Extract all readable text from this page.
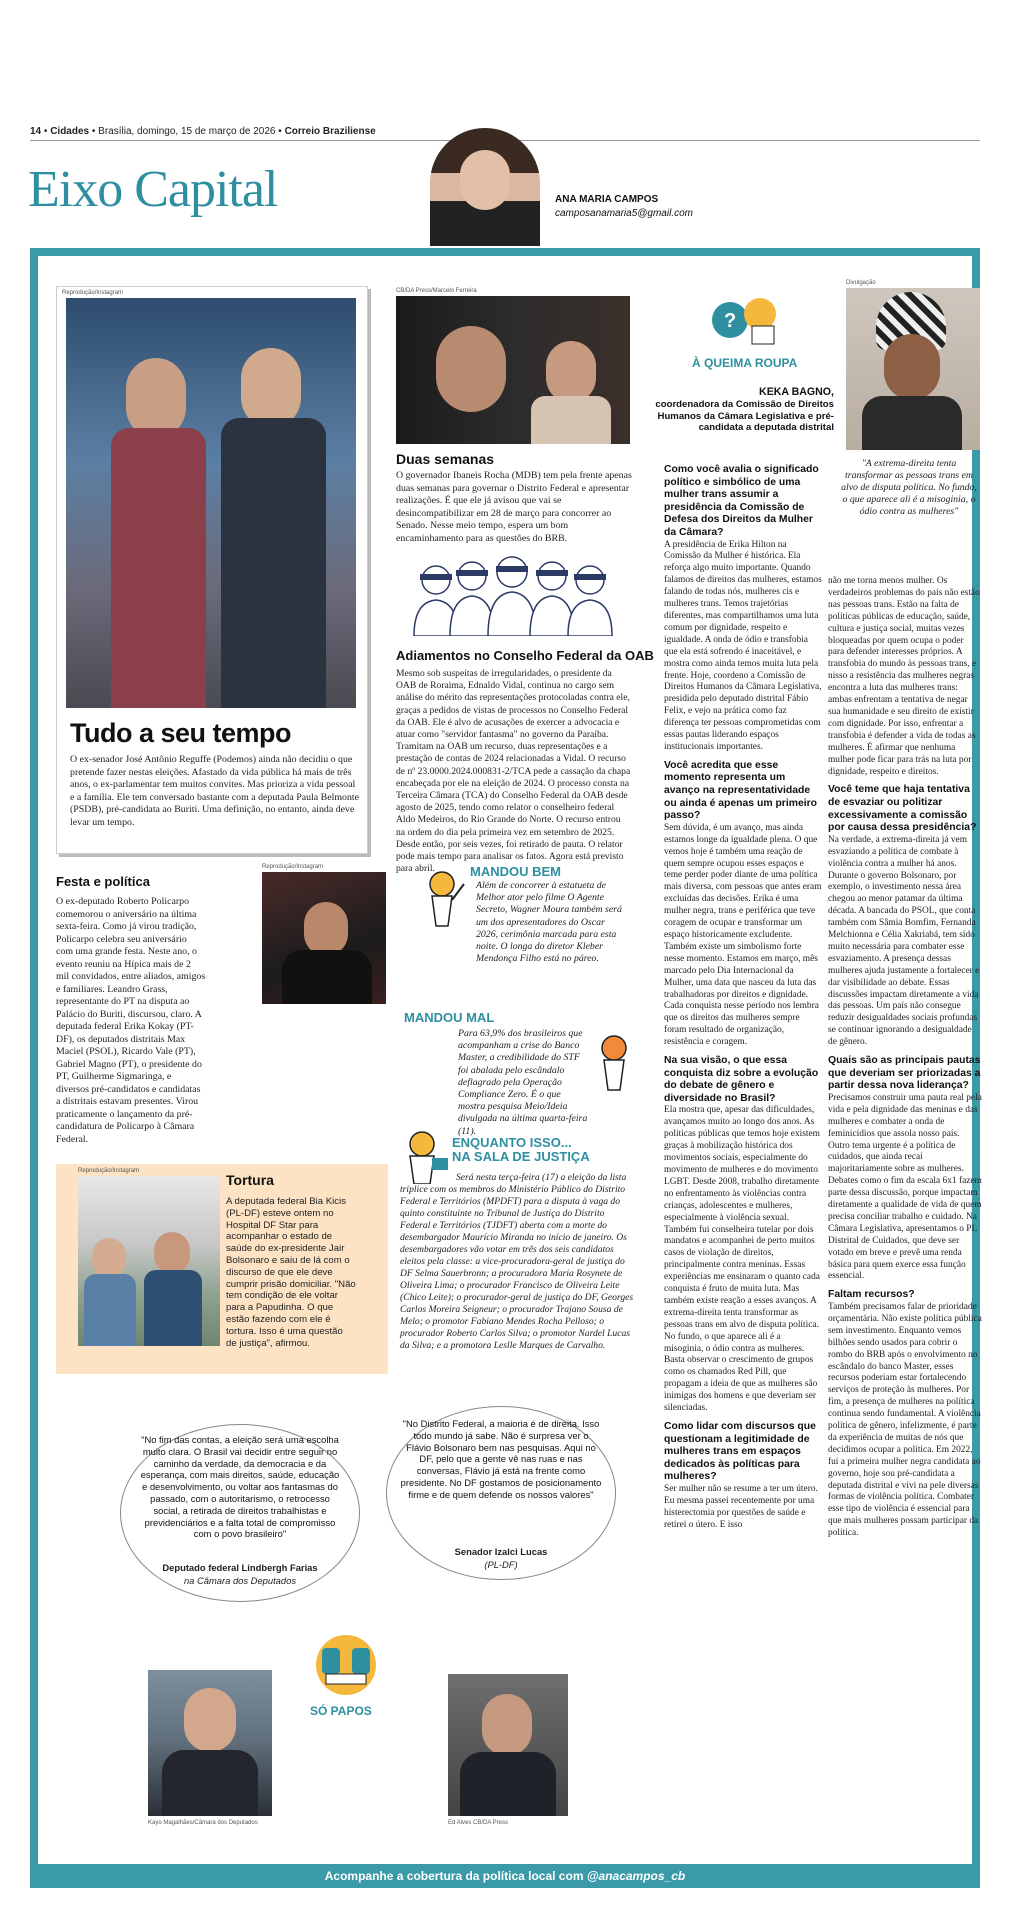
14 • Cidades • Brasília, domingo, 15 de março de 2026 • Correio Braziliense
Eixo Capital	ANA MARIA CAMPOS
camposanamaria5@gmail.com
Reprodução/Instagram
Tudo a seu tempo
O ex-senador José Antônio Reguffe (Podemos) ainda não decidiu o que pretende fazer nestas eleições. Afastado da vida pública há mais de três anos, o ex-parlamentar tem muitos convites. Mas prioriza a vida pessoal e a família. Ele tem conversado bastante com a deputada Paula Belmonte (PSDB), pré-candidata ao Buriti. Uma definição, no entanto, ainda deve levar um tempo.
CB/DA Press/Marcelo Ferreira
Duas semanas
O governador Ibaneis Rocha (MDB) tem pela frente apenas duas semanas para governar o Distrito Federal e apresentar realizações. É que ele já avisou que vai se desincompatibilizar em 28 de março para concorrer ao Senado. Nesse meio tempo, espera um bom encaminhamento para as questões do BRB.
Adiamentos no Conselho Federal da OAB
Mesmo sob suspeitas de irregularidades, o presidente da OAB de Roraima, Ednaldo Vidal, continua no cargo sem análise do mérito das representações protocoladas contra ele, graças a pedidos de vistas de processos no Conselho Federal da OAB. Ele é alvo de acusações de exercer a advocacia e atuar como "servidor fantasma" no governo da Paraíba. Tramitam na OAB um recurso, duas representações e a prestação de contas de 2024 relacionadas a Vidal. O recurso de nº 23.0000.2024.000831-2/TCA pede a cassação da chapa encabeçada por ele na eleição de 2024. O processo consta na Terceira Câmara (TCA) do Conselho Federal da OAB desde agosto de 2025, tendo como relator o conselheiro federal Aldo Medeiros, do Rio Grande do Norte. O recurso entrou na ordem do dia pela primeira vez em setembro de 2025. Desde então, por seis vezes, foi retirado de pauta. O relator pode mais tempo para analisar os fatos. Agora está previsto para abril.
Festa e política
O ex-deputado Roberto Policarpo comemorou o aniversário na última sexta-feira. Como já virou tradição, Policarpo celebra seu aniversário com uma grande festa. Neste ano, o evento reuniu na Hípica mais de 2 mil convidados, entre aliados, amigos e familiares. Leandro Grass, representante do PT na disputa ao Palácio do Buriti, discursou, claro. A deputada federal Erika Kokay (PT-DF), os deputados distritais Max Maciel (PSOL), Ricardo Vale (PT), Gabriel Magno (PT), o presidente do PT, Guilherme Sigmaringa, e diversos pré-candidatos e candidatas a distritais estavam presentes. Virou praticamente o lançamento da pré-candidatura de Policarpo à Câmara Federal.
Reprodução/Instagram
Reprodução/Instagram
Tortura
A deputada federal Bia Kicis (PL-DF) esteve ontem no Hospital DF Star para acompanhar o estado de saúde do ex-presidente Jair Bolsonaro e saiu de lá com o discurso de que ele deve cumprir prisão domiciliar. "Não tem condição de ele voltar para a Papudinha. O que estão fazendo com ele é tortura. Isso é uma questão de justiça", afirmou.
MANDOU BEM
Além de concorrer à estatueta de Melhor ator pelo filme O Agente Secreto, Wagner Moura também será um dos apresentadores do Oscar 2026, cerimônia marcada para esta noite. O longa do diretor Kleber Mendonça Filho está no páreo.
MANDOU MAL
Para 63,9% dos brasileiros que acompanham a crise do Banco Master, a credibilidade do STF foi abalada pelo escândalo deflagrado pela Operação Compliance Zero. É o que mostra pesquisa Meio/Ideia divulgada na última quarta-feira (11).
ENQUANTO ISSO...
NA SALA DE JUSTIÇA
Será nesta terça-feira (17) a eleição da lista tríplice com os membros do Ministério Público do Distrito Federal e Territórios (MPDFT) para a disputa à vaga do quinto constituinte no Tribunal de Justiça do Distrito Federal e Territórios (TJDFT) aberta com a morte do desembargador Maurício Miranda no início de janeiro. Os desembargadores vão votar em três dos seis candidatos eleitos pela classe: a vice-procuradora-geral de justiça do DF Selma Sauerbronn; a procuradora Maria Rosynete de Oliveira Lima; o procurador Francisco de Oliveira Leite (Chico Leite); o procurador-geral de justiça do DF, Georges Carlos Moreira Seigneur; o procurador Trajano Sousa de Melo; o promotor Fabiano Mendes Rocha Pelloso; o procurador Roberto Carlos Silva; o promotor Nardel Lucas da Silva; e a promotora Leslle Marques de Carvalho.
"No fim das contas, a eleição será uma escolha muito clara. O Brasil vai decidir entre seguir no caminho da verdade, da democracia e da esperança, com mais direitos, saúde, educação e desenvolvimento, ou voltar aos fantasmas do passado, com o autoritarismo, o retrocesso social, a retirada de direitos trabalhistas e previdenciários e a falta total de compromisso com o povo brasileiro"
Deputado federal Lindbergh Farias
na Câmara dos Deputados
"No Distrito Federal, a maioria é de direita. Isso todo mundo já sabe. Não é surpresa ver o Flávio Bolsonaro bem nas pesquisas. Aqui no DF, pelo que a gente vê nas ruas e nas conversas, Flávio já está na frente como presidente. No DF gostamos de posicionamento firme e de quem defende os nossos valores"
Senador Izalci Lucas
(PL-DF)
SÓ PAPOS
Kayo Magalhães/Câmara dos Deputados	Ed Alves CB/DA Press
?
À QUEIMA ROUPA
KEKA BAGNO,
coordenadora da Comissão de Direitos Humanos da Câmara Legislativa e pré-candidata a deputada distrital
Divulgação
"A extrema-direita tenta transformar as pessoas trans em alvo de disputa política. No fundo, o que aparece ali é a misoginia, o ódio contra as mulheres"
Como você avalia o significado político e simbólico de uma mulher trans assumir a presidência da Comissão de Defesa dos Direitos da Mulher da Câmara?
A presidência de Erika Hilton na Comissão da Mulher é histórica. Ela reforça algo muito importante. Quando falamos de direitos das mulheres, estamos falando de todas nós, mulheres cis e mulheres trans. Temos trajetórias diferentes, mas compartilhamos uma luta comum por dignidade, respeito e igualdade. A onda de ódio e transfobia que ela está sofrendo é inaceitável, e mostra como ainda temos muita luta pela frente. Hoje, coordeno a Comissão de Direitos Humanos da Câmara Legislativa, presidida pelo deputado distrital Fábio Felix, e vejo na prática como faz diferença ter pessoas comprometidas com essas pautas liderando espaços institucionais importantes.
Você acredita que esse momento representa um avanço na representatividade ou ainda é apenas um primeiro passo?
Sem dúvida, é um avanço, mas ainda estamos longe da igualdade plena. O que vemos hoje é também uma reação de quem sempre ocupou esses espaços e teme perder poder diante de uma política mais diversa, com pessoas que antes eram excluídas das decisões. Erika é uma mulher negra, trans e periférica que teve coragem de ocupar e transformar um espaço historicamente excludente. Também existe um simbolismo forte nesse momento. Estamos em março, mês marcado pelo Dia Internacional da Mulher, uma data que nasceu da luta das trabalhadoras por direitos e dignidade. Cada conquista nesse período nos lembra que os direitos das mulheres sempre foram resultado de organização, resistência e coragem.
Na sua visão, o que essa conquista diz sobre a evolução do debate de gênero e diversidade no Brasil?
Ela mostra que, apesar das dificuldades, avançamos muito ao longo dos anos. As políticas públicas que temos hoje existem graças à mobilização histórica dos movimentos sociais, especialmente do movimento de mulheres e do movimento LGBT. Desde 2008, trabalho diretamente no enfrentamento às violências contra crianças, adolescentes e mulheres, especialmente à violência sexual. Também fui conselheira tutelar por dois mandatos e acompanhei de perto muitos casos de violação de direitos, principalmente contra meninas. Essas experiências me ensinaram o quanto cada conquista é fruto de muita luta. Mas também existe reação a esses avanços. A extrema-direita tenta transformar as pessoas trans em alvo de disputa política. No fundo, o que aparece ali é a misoginia, o ódio contra as mulheres. Basta observar o crescimento de grupos como os chamados Red Pill, que propagam a ideia de que as mulheres são inimigas dos homens e que deveriam ser silenciadas.
Como lidar com discursos que questionam a legitimidade de mulheres trans em espaços dedicados às políticas para mulheres?
Ser mulher não se resume a ter um útero. Eu mesma passei recentemente por uma histerectomia por questões de saúde e retirei o útero. E isso
não me torna menos mulher. Os verdadeiros problemas do país não estão nas pessoas trans. Estão na falta de políticas públicas de educação, saúde, cultura e justiça social, muitas vezes bloqueadas por quem ocupa o poder para defender interesses próprios. A transfobia do mundo às pessoas trans, e nisso a resistência das mulheres negras encontra a luta das mulheres trans: ambas enfrentam a tentativa de negar sua humanidade e seu direito de existir com dignidade. Por isso, enfrentar a transfobia é defender a vida de todas as mulheres. É afirmar que nenhuma mulher pode ficar para trás na luta por dignidade, respeito e direitos.
Você teme que haja tentativa de esvaziar ou politizar excessivamente a comissão por causa dessa presidência?
Na verdade, a extrema-direita já vem esvaziando a política de combate à violência contra a mulher há anos. Durante o governo Bolsonaro, por exemplo, o investimento nessa área chegou ao menor patamar da última década. A bancada do PSOL, que conta também com Sâmia Bomfim, Fernanda Melchionna e Célia Xakriabá, tem sido muito necessária para combater esse esvaziamento. A presença dessas mulheres ajuda justamente a fortalecer e dar visibilidade ao debate. Essas discussões impactam diretamente a vida das pessoas. Um país não consegue reduzir desigualdades sociais profundas se continuar ignorando a desigualdade de gênero.
Quais são as principais pautas que deveriam ser priorizadas a partir dessa nova liderança?
Precisamos construir uma pauta real pela vida e pela dignidade das meninas e das mulheres e combater a onda de feminicídios que assola nosso país. Outro tema urgente é a política de cuidados, que ainda recai majoritariamente sobre as mulheres. Debates como o fim da escala 6x1 fazem parte dessa discussão, porque impactam diretamente a qualidade de vida de quem precisa conciliar trabalho e cuidado. Na Câmara Legislativa, apresentamos o PL Distrital de Cuidados, que deve ser votado em breve e prevê uma renda básica para quem exerce essa função essencial.
Faltam recursos?
Também precisamos falar de prioridade orçamentária. Não existe política pública sem investimento. Enquanto vemos bilhões sendo usados para cobrir o rombo do BRB após o envolvimento no escândalo do banco Master, esses recursos poderiam estar fortalecendo serviços de proteção às mulheres. Por fim, a presença de mulheres na política continua sendo fundamental. A violência política de gênero, infelizmente, é parte da experiência de muitas de nós que decidimos ocupar a política. Em 2022, fui a primeira mulher negra candidata ao governo, hoje sou pré-candidata a deputada distrital e vivi na pele diversas formas de violência política. Combater esse tipo de violência é essencial para que mais mulheres possam participar da política.
Acompanhe a cobertura da política local com @anacampos_cb
